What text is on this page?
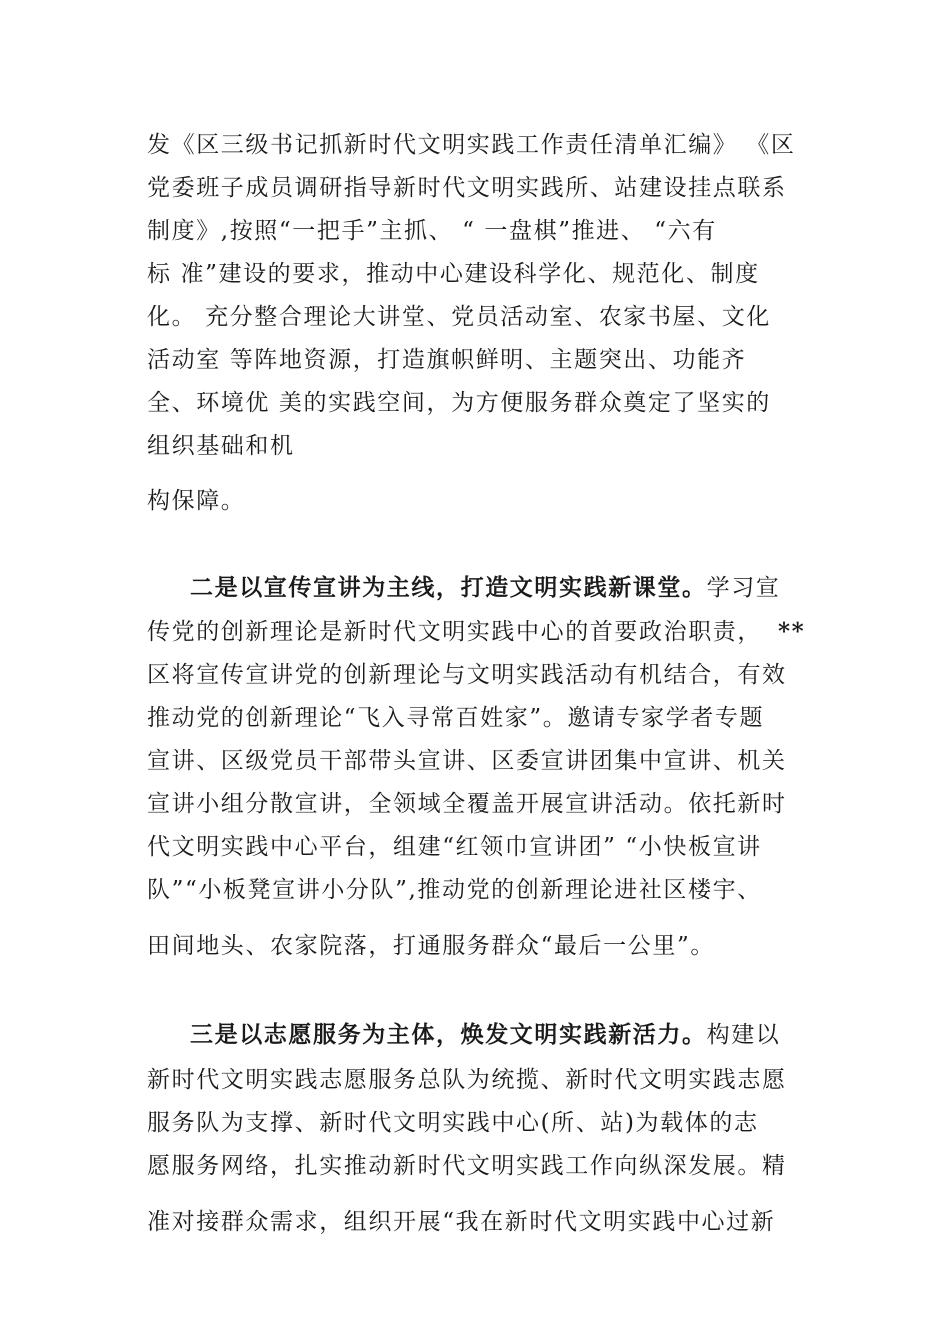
发《区三级书记抓新时代文明实践工作责任清单汇编》 《区
党委班子成员调研指导新时代文明实践所、站建设挂点联系
制度》,按照“一把手”主抓、 “ 一盘棋”推进、 “六有
标 准”建设的要求，推动中心建设科学化、规范化、制度
化。 充分整合理论大讲堂、党员活动室、农家书屋、文化
活动室 等阵地资源，打造旗帜鲜明、主题突出、功能齐
全、环境优 美的实践空间，为方便服务群众奠定了坚实的
组织基础和机
构保障。
二是以宣传宣讲为主线，打造文明实践新课堂。学习宣
传党的创新理论是新时代文明实践中心的首要政治职责， **
区将宣传宣讲党的创新理论与文明实践活动有机结合，有效
推动党的创新理论“飞入寻常百姓家”。邀请专家学者专题
宣讲、区级党员干部带头宣讲、区委宣讲团集中宣讲、机关
宣讲小组分散宣讲，全领域全覆盖开展宣讲活动。依托新时
代文明实践中心平台，组建“红领巾宣讲团” “小快板宣讲
队”“小板凳宣讲小分队”,推动党的创新理论进社区楼宇、
田间地头、农家院落，打通服务群众“最后一公里”。
三是以志愿服务为主体，焕发文明实践新活力。构建以
新时代文明实践志愿服务总队为统揽、新时代文明实践志愿
服务队为支撑、新时代文明实践中心(所、站)为载体的志
愿服务网络，扎实推动新时代文明实践工作向纵深发展。精
准对接群众需求，组织开展“我在新时代文明实践中心过新
